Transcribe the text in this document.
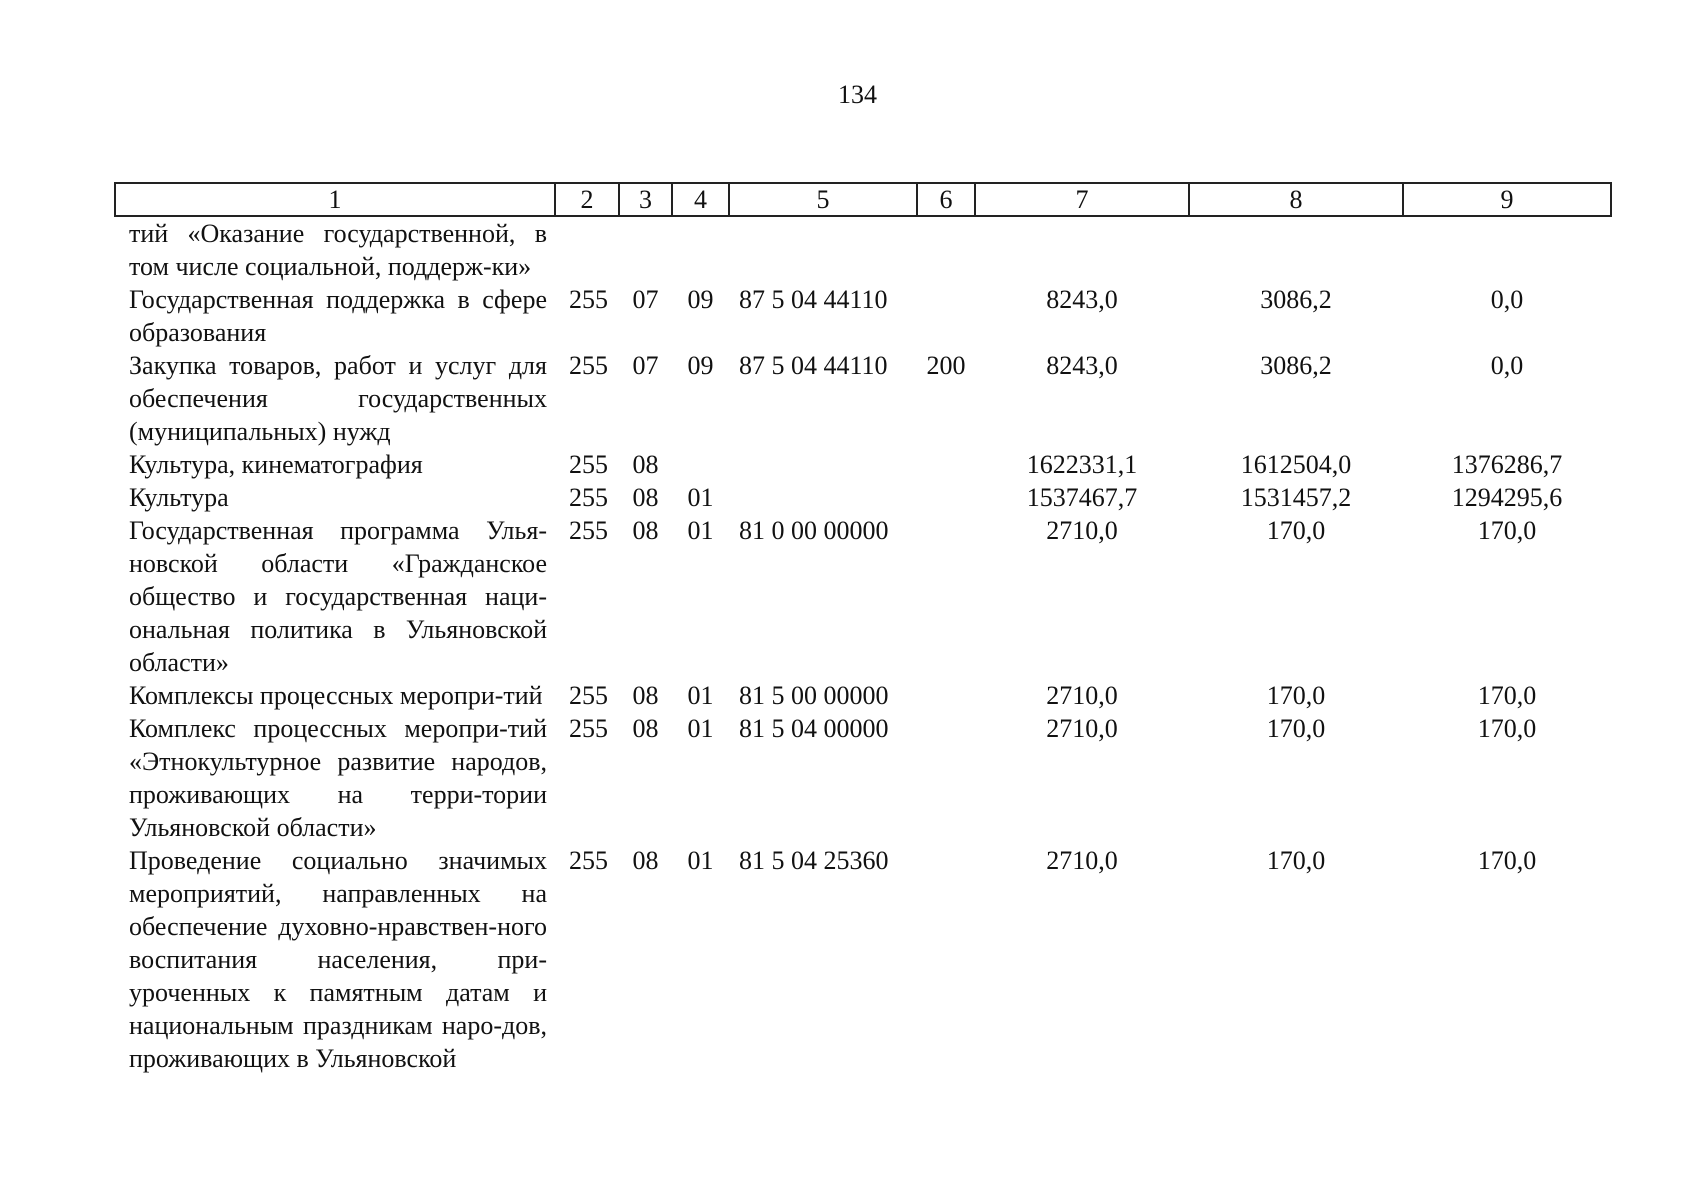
134
1	2	3	4	5	6	7	8	9
тий «Оказание государственной, в том числе социальной, поддерж-ки»								
Государственная поддержка в сфере образования	255	07	09	87 5 04 44110		8243,0	3086,2	0,0
Закупка товаров, работ и услуг для обеспечения государственных (муниципальных) нужд	255	07	09	87 5 04 44110	200	8243,0	3086,2	0,0
Культура, кинематография	255	08				1622331,1	1612504,0	1376286,7
Культура	255	08	01			1537467,7	1531457,2	1294295,6
Государственная программа Улья-новской области «Гражданское общество и государственная наци-ональная политика в Ульяновской области»	255	08	01	81 0 00 00000		2710,0	170,0	170,0
Комплексы процессных меропри-тий	255	08	01	81 5 00 00000		2710,0	170,0	170,0
Комплекс процессных меропри-тий «Этнокультурное развитие народов, проживающих на терри-тории Ульяновской области»	255	08	01	81 5 04 00000		2710,0	170,0	170,0
Проведение социально значимых мероприятий, направленных на обеспечение духовно-нравствен-ного воспитания населения, при-уроченных к памятным датам и национальным праздникам наро-дов, проживающих в Ульяновской	255	08	01	81 5 04 25360		2710,0	170,0	170,0
